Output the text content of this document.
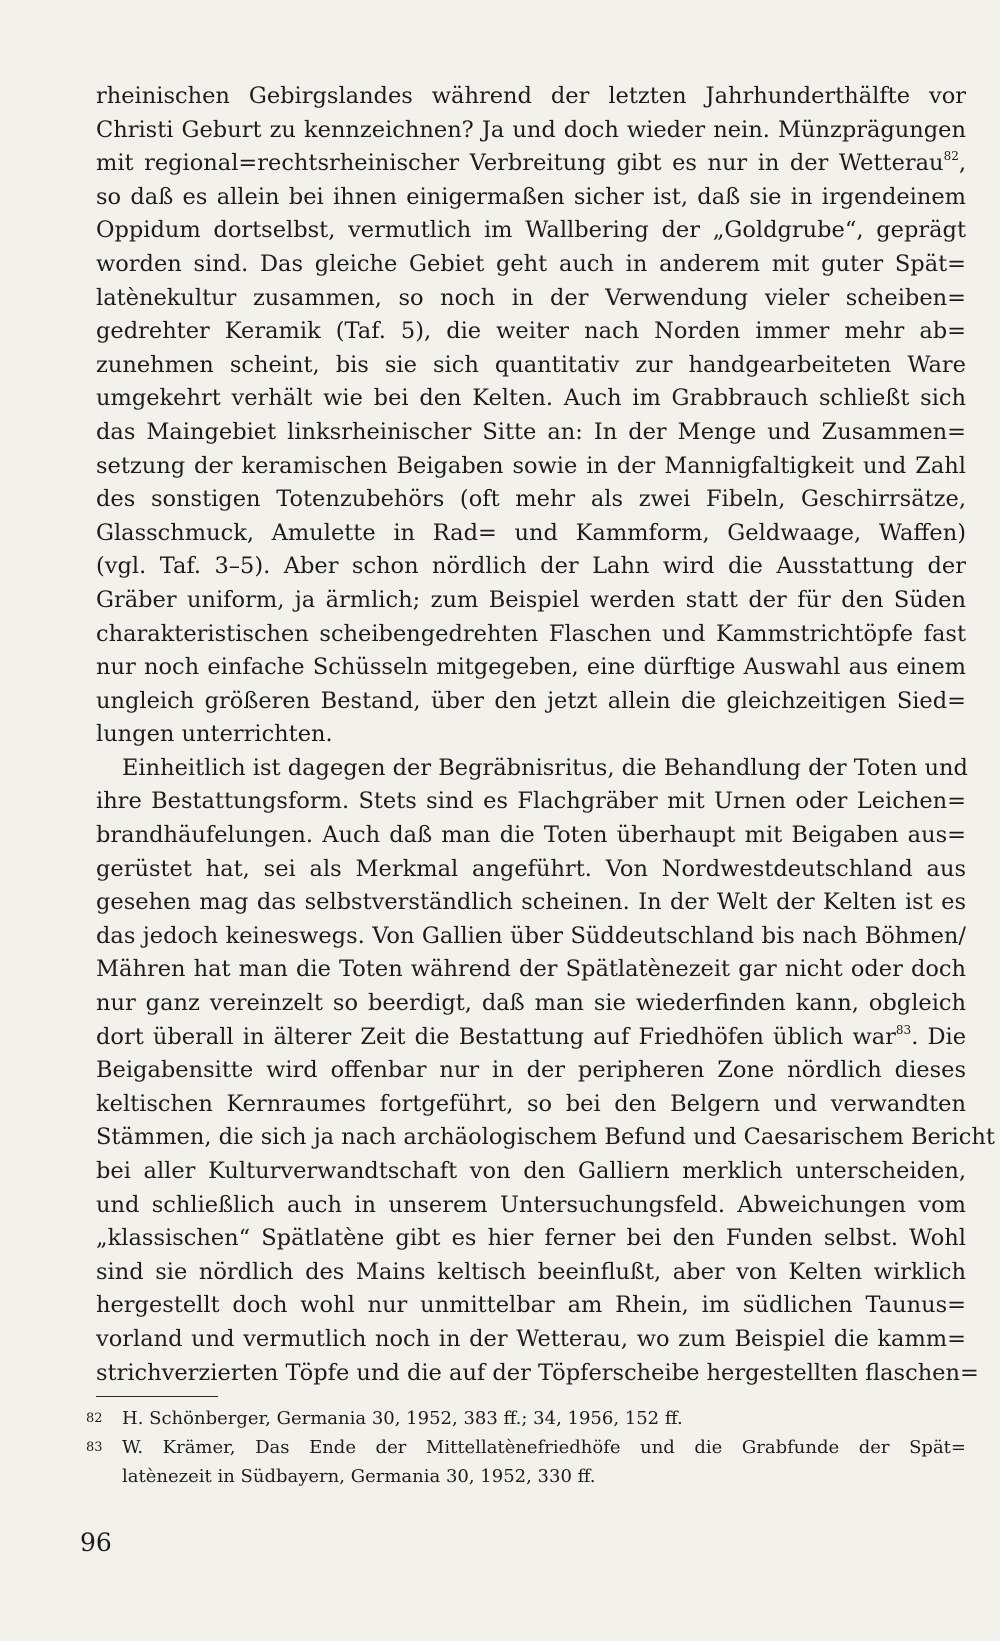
rheinischen Gebirgslandes während der letzten Jahrhunderthälfte vor
Christi Geburt zu kennzeichnen? Ja und doch wieder nein. Münzprägungen
mit regional=rechtsrheinischer Verbreitung gibt es nur in der Wetterau$^{82}$,
so daß es allein bei ihnen einigermaßen sicher ist, daß sie in irgendeinem
Oppidum dortselbst, vermutlich im Wallbering der „Goldgrube“, geprägt
worden sind. Das gleiche Gebiet geht auch in anderem mit guter Spät=
latènekultur zusammen, so noch in der Verwendung vieler scheiben=
gedrehter Keramik (Taf. 5), die weiter nach Norden immer mehr ab=
zunehmen scheint, bis sie sich quantitativ zur handgearbeiteten Ware
umgekehrt verhält wie bei den Kelten. Auch im Grabbrauch schließt sich
das Maingebiet linksrheinischer Sitte an: In der Menge und Zusammen=
setzung der keramischen Beigaben sowie in der Mannigfaltigkeit und Zahl
des sonstigen Totenzubehörs (oft mehr als zwei Fibeln, Geschirrsätze,
Glasschmuck, Amulette in Rad= und Kammform, Geldwaage, Waffen)
(vgl. Taf. 3–5). Aber schon nördlich der Lahn wird die Ausstattung der
Gräber uniform, ja ärmlich; zum Beispiel werden statt der für den Süden
charakteristischen scheibengedrehten Flaschen und Kammstrichtöpfe fast
nur noch einfache Schüsseln mitgegeben, eine dürftige Auswahl aus einem
ungleich größeren Bestand, über den jetzt allein die gleichzeitigen Sied=
lungen unterrichten.
Einheitlich ist dagegen der Begräbnisritus, die Behandlung der Toten und
ihre Bestattungsform. Stets sind es Flachgräber mit Urnen oder Leichen=
brandhäufelungen. Auch daß man die Toten überhaupt mit Beigaben aus=
gerüstet hat, sei als Merkmal angeführt. Von Nordwestdeutschland aus
gesehen mag das selbstverständlich scheinen. In der Welt der Kelten ist es
das jedoch keineswegs. Von Gallien über Süddeutschland bis nach Böhmen/
Mähren hat man die Toten während der Spätlatènezeit gar nicht oder doch
nur ganz vereinzelt so beerdigt, daß man sie wiederfinden kann, obgleich
dort überall in älterer Zeit die Bestattung auf Friedhöfen üblich war$^{83}$. Die
Beigabensitte wird offenbar nur in der peripheren Zone nördlich dieses
keltischen Kernraumes fortgeführt, so bei den Belgern und verwandten
Stämmen, die sich ja nach archäologischem Befund und Caesarischem Bericht
bei aller Kulturverwandtschaft von den Galliern merklich unterscheiden,
und schließlich auch in unserem Untersuchungsfeld. Abweichungen vom
„klassischen“ Spätlatène gibt es hier ferner bei den Funden selbst. Wohl
sind sie nördlich des Mains keltisch beeinflußt, aber von Kelten wirklich
hergestellt doch wohl nur unmittelbar am Rhein, im südlichen Taunus=
vorland und vermutlich noch in der Wetterau, wo zum Beispiel die kamm=
strichverzierten Töpfe und die auf der Töpferscheibe hergestellten flaschen=
82 H. Schönberger, Germania 30, 1952, 383 ff.; 34, 1956, 152 ff.
83 W. Krämer, Das Ende der Mittellatènefriedhöfe und die Grabfunde der Spät=
latènezeit in Südbayern, Germania 30, 1952, 330 ff.
96
